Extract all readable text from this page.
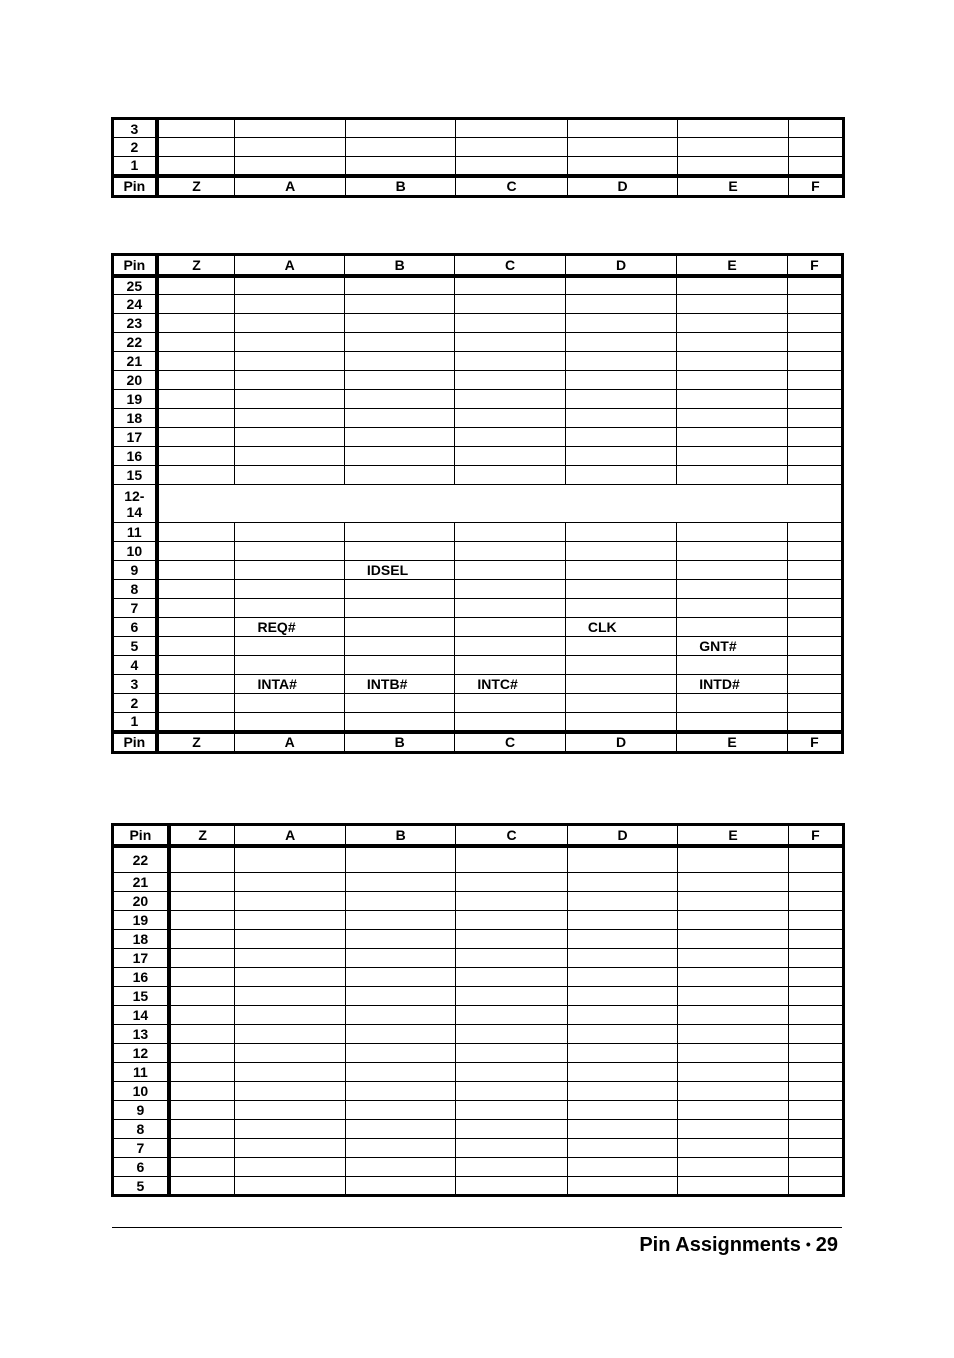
3							
2							
1							
Pin	Z	A	B	C	D	E	F
Pin	Z	A	B	C	D	E	F
25							
24							
23							
22							
21							
20							
19							
18							
17							
16							
15							

12-
14							

11							
10							
9			IDSEL				
8							
7							
6		REQ#			CLK		
5						GNT#	
4							
3		INTA#	INTB#	INTC#		INTD#	
2							
1							
Pin	Z	A	B	C	D	E	F
Pin	Z	A	B	C	D	E	F
22							
21							
20							
19							
18							
17							
16							
15							
14							
13							
12							
11							
10							
9							
8							
7							
6							
5							
Pin Assignments • 29
